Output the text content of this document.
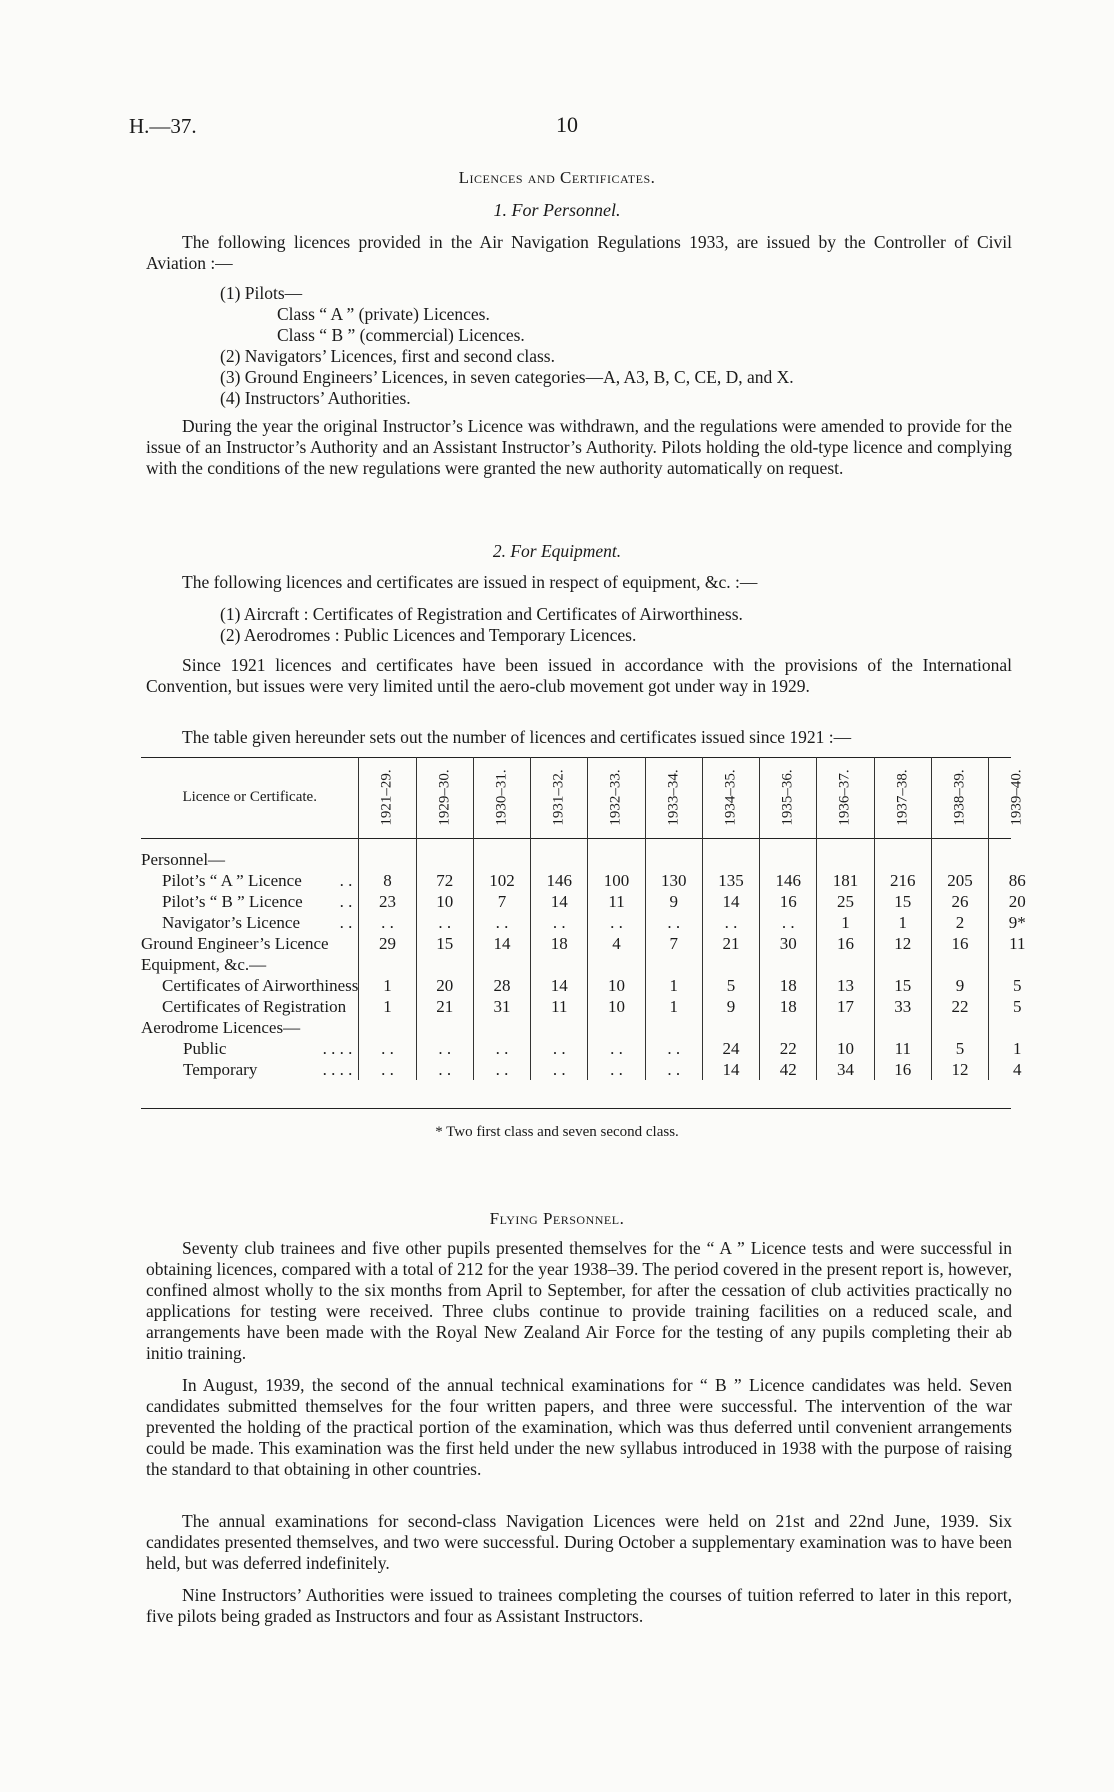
H.—37.	10
Licences and Certificates.
1. For Personnel.

The following licences provided in the Air Navigation Regulations 1933, are issued by the Controller of Civil Aviation :—

(1) Pilots—
Class “ A ” (private) Licences.
Class “ B ” (commercial) Licences.
(2) Navigators’ Licences, first and second class.
(3) Ground Engineers’ Licences, in seven categories—A, A3, B, C, CE, D, and X.
(4) Instructors’ Authorities.

During the year the original Instructor’s Licence was withdrawn, and the regulations were amended to provide for the issue of an Instructor’s Authority and an Assistant Instructor’s Authority. Pilots holding the old-type licence and complying with the conditions of the new regulations were granted the new authority automatically on request.

2. For Equipment.

The following licences and certificates are issued in respect of equipment, &c. :—

(1) Aircraft : Certificates of Registration and Certificates of Airworthiness.
(2) Aerodromes : Public Licences and Temporary Licences.

Since 1921 licences and certificates have been issued in accordance with the provisions of the International Convention, but issues were very limited until the aero-club movement got under way in 1929.

The table given hereunder sets out the number of licences and certificates issued since 1921 :—

Licence or Certificate.	1921–29.	1929–30.	1930–31.	1931–32.	1932–33.	1933–34.	1934–35.	1935–36.	1936–37.	1937–38.	1938–39.	1939–40.
Personnel—												
Pilot’s “ A ” Licence . .	8	72	102	146	100	130	135	146	181	216	205	86
Pilot’s “ B ” Licence . .	23	10	7	14	11	9	14	16	25	15	26	20
Navigator’s Licence . .	. .	. .	. .	. .	. .	. .	. .	. .	1	1	2	9*
Ground Engineer’s Licence	29	15	14	18	4	7	21	30	16	12	16	11
Equipment, &c.—												
Certificates of Airworthiness	1	20	28	14	10	1	5	18	13	15	9	5
Certificates of Registration	1	21	31	11	10	1	9	18	17	33	22	5
Aerodrome Licences—												
Public . . . .	. .	. .	. .	. .	. .	. .	24	22	10	11	5	1
Temporary . . . .	. .	. .	. .	. .	. .	. .	14	42	34	16	12	4
* Two first class and seven second class.
Flying Personnel.

Seventy club trainees and five other pupils presented themselves for the “ A ” Licence tests and were successful in obtaining licences, compared with a total of 212 for the year 1938–39. The period covered in the present report is, however, confined almost wholly to the six months from April to September, for after the cessation of club activities practically no applications for testing were received. Three clubs continue to provide training facilities on a reduced scale, and arrangements have been made with the Royal New Zealand Air Force for the testing of any pupils completing their ab initio training.

In August, 1939, the second of the annual technical examinations for “ B ” Licence candidates was held. Seven candidates submitted themselves for the four written papers, and three were successful. The intervention of the war prevented the holding of the practical portion of the examination, which was thus deferred until convenient arrangements could be made. This examination was the first held under the new syllabus introduced in 1938 with the purpose of raising the standard to that obtaining in other countries.

The annual examinations for second-class Navigation Licences were held on 21st and 22nd June, 1939. Six candidates presented themselves, and two were successful. During October a supplementary examination was to have been held, but was deferred indefinitely.

Nine Instructors’ Authorities were issued to trainees completing the courses of tuition referred to later in this report, five pilots being graded as Instructors and four as Assistant Instructors.
